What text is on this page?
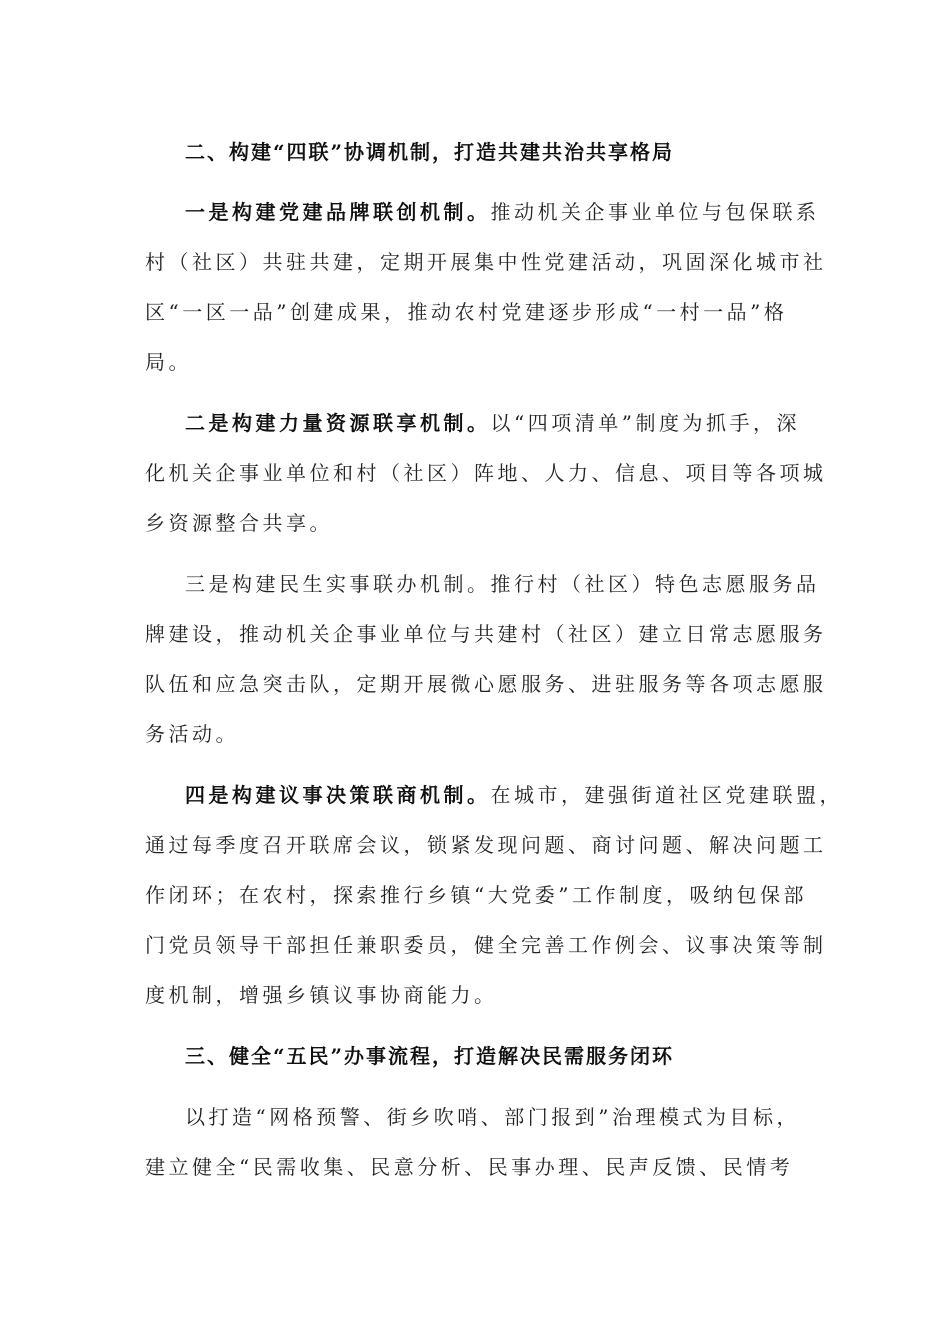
二、构建“四联”协调机制，打造共建共治共享格局
一是构建党建品牌联创机制。推动机关企事业单位与包保联系
村（社区）共驻共建，定期开展集中性党建活动，巩固深化城市社
区“一区一品”创建成果，推动农村党建逐步形成“一村一品”格
局。
二是构建力量资源联享机制。以“四项清单”制度为抓手，深
化机关企事业单位和村（社区）阵地、人力、信息、项目等各项城
乡资源整合共享。
三是构建民生实事联办机制。推行村（社区）特色志愿服务品
牌建设，推动机关企事业单位与共建村（社区）建立日常志愿服务
队伍和应急突击队，定期开展微心愿服务、进驻服务等各项志愿服
务活动。
四是构建议事决策联商机制。在城市，建强街道社区党建联盟，
通过每季度召开联席会议，锁紧发现问题、商讨问题、解决问题工
作闭环；在农村，探索推行乡镇“大党委”工作制度，吸纳包保部
门党员领导干部担任兼职委员，健全完善工作例会、议事决策等制
度机制，增强乡镇议事协商能力。
三、健全“五民”办事流程，打造解决民需服务闭环
以打造“网格预警、街乡吹哨、部门报到”治理模式为目标，
建立健全“民需收集、民意分析、民事办理、民声反馈、民情考
